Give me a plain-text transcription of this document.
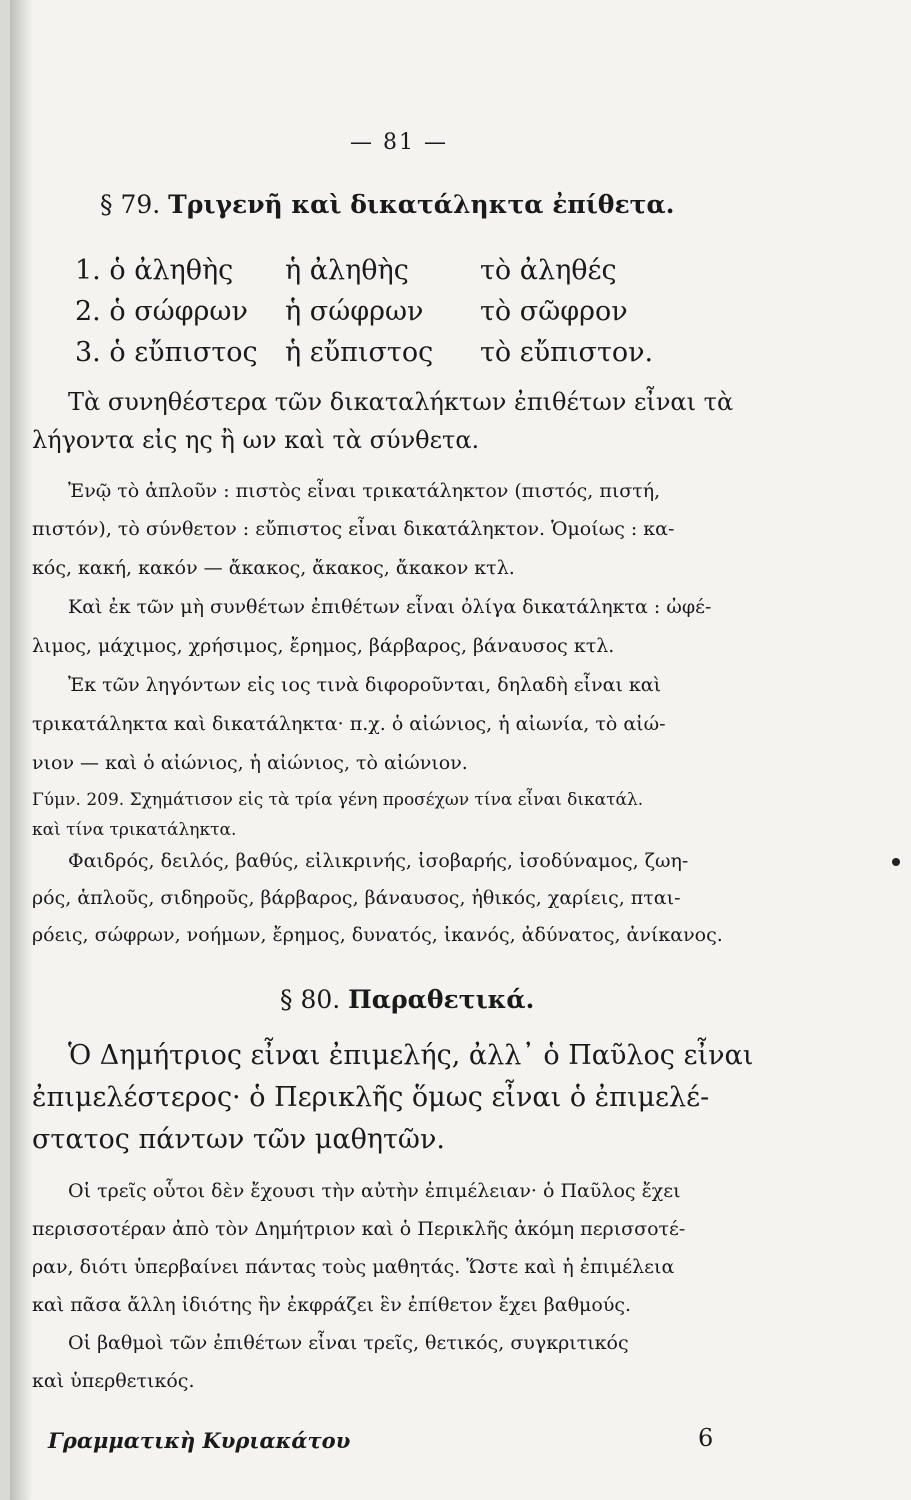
— 81 —
§ 79. Τριγενῆ καὶ δικατάληκτα ἐπίθετα.
1. ὁ ἀληθὴς ἡ ἀληθὴς	τὸ ἀληθές
2. ὁ σώφρων ἡ σώφρων τὸ σῶφρον
3. ὁ εὔπιστος ἡ εὔπιστος τὸ εὔπιστον.
Τὰ συνηθέστερα τῶν δικαταλήκτων ἐπιθέτων εἶναι τὰ
λήγοντα εἰς ης ἢ ων καὶ τὰ σύνθετα.
Ἐνῷ τὸ ἁπλοῦν : πιστὸς εἶναι τρικατάληκτον (πιστός, πιστή,
πιστόν), τὸ σύνθετον : εὔπιστος εἶναι δικατάληκτον. Ὁμοίως : κα-
κός, κακή, κακόν — ἄκακος, ἄκακος, ἄκακον κτλ.
Καὶ ἐκ τῶν μὴ συνθέτων ἐπιθέτων εἶναι ὀλίγα δικατάληκτα : ὠφέ-
λιμος, μάχιμος, χρήσιμος, ἔρημος, βάρβαρος, βάναυσος κτλ.
Ἐκ τῶν ληγόντων εἰς ιος τινὰ διφοροῦνται, δηλαδὴ εἶναι καὶ
τρικατάληκτα καὶ δικατάληκτα· π.χ. ὁ αἰώνιος, ἡ αἰωνία, τὸ αἰώ-
νιον — καὶ ὁ αἰώνιος, ἡ αἰώνιος, τὸ αἰώνιον.
Γύμν. 209. Σχημάτισον εἰς τὰ τρία γένη προσέχων τίνα εἶναι δικατάλ.
καὶ τίνα τρικατάληκτα.
Φαιδρός, δειλός, βαθύς, εἰλικρινής, ἰσοβαρής, ἰσοδύναμος, ζωη-
ρός, ἁπλοῦς, σιδηροῦς, βάρβαρος, βάναυσος, ἠθικός, χαρίεις, πται-
ρόεις, σώφρων, νοήμων, ἔρημος, δυνατός, ἱκανός, ἀδύνατος, ἀνίκανος.
§ 80. Παραθετικά.
Ὁ Δημήτριος εἶναι ἐπιμελής, ἀλλ᾽ ὁ Παῦλος εἶναι
ἐπιμελέστερος· ὁ Περικλῆς ὅμως εἶναι ὁ ἐπιμελέ-
στατος πάντων τῶν μαθητῶν.
Οἱ τρεῖς οὗτοι δὲν ἔχουσι τὴν αὐτὴν ἐπιμέλειαν· ὁ Παῦλος ἔχει
περισσοτέραν ἀπὸ τὸν Δημήτριον καὶ ὁ Περικλῆς ἀκόμη περισσοτέ-
ραν, διότι ὑπερβαίνει πάντας τοὺς μαθητάς. Ὥστε καὶ ἡ ἐπιμέλεια
καὶ πᾶσα ἄλλη ἰδιότης ἣν ἐκφράζει ἓν ἐπίθετον ἔχει βαθμούς.
Οἱ βαθμοὶ τῶν ἐπιθέτων εἶναι τρεῖς, θετικός, συγκριτικός
καὶ ὑπερθετικός.
Γραμματικὴ Κυριακάτου	6
